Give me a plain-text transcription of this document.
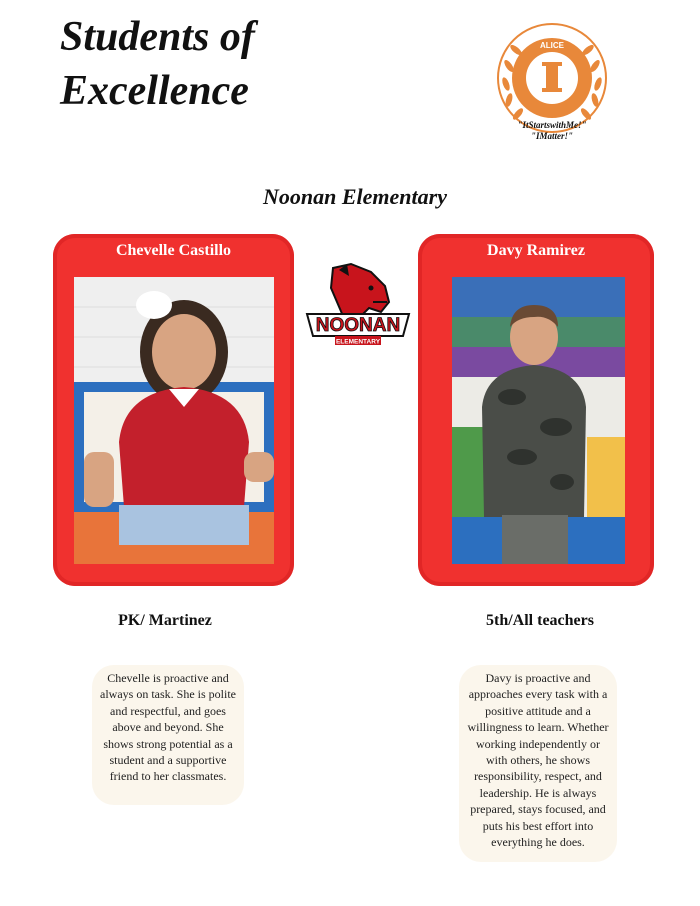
Students of
Excellence
ALICE
"ItStartswithMe!"
"IMatter!"
Noonan Elementary
Chevelle Castillo
NOONAN
ELEMENTARY
Davy Ramirez
PK/ Martinez	5th/All teachers
Chevelle is proactive and always on task. She is polite and respectful, and goes above and beyond. She shows strong potential as a student and a supportive friend to her classmates.
Davy is proactive and approaches every task with a positive attitude and a willingness to learn. Whether working independently or with others, he shows responsibility, respect, and leadership. He is always prepared, stays focused, and puts his best effort into everything he does.
